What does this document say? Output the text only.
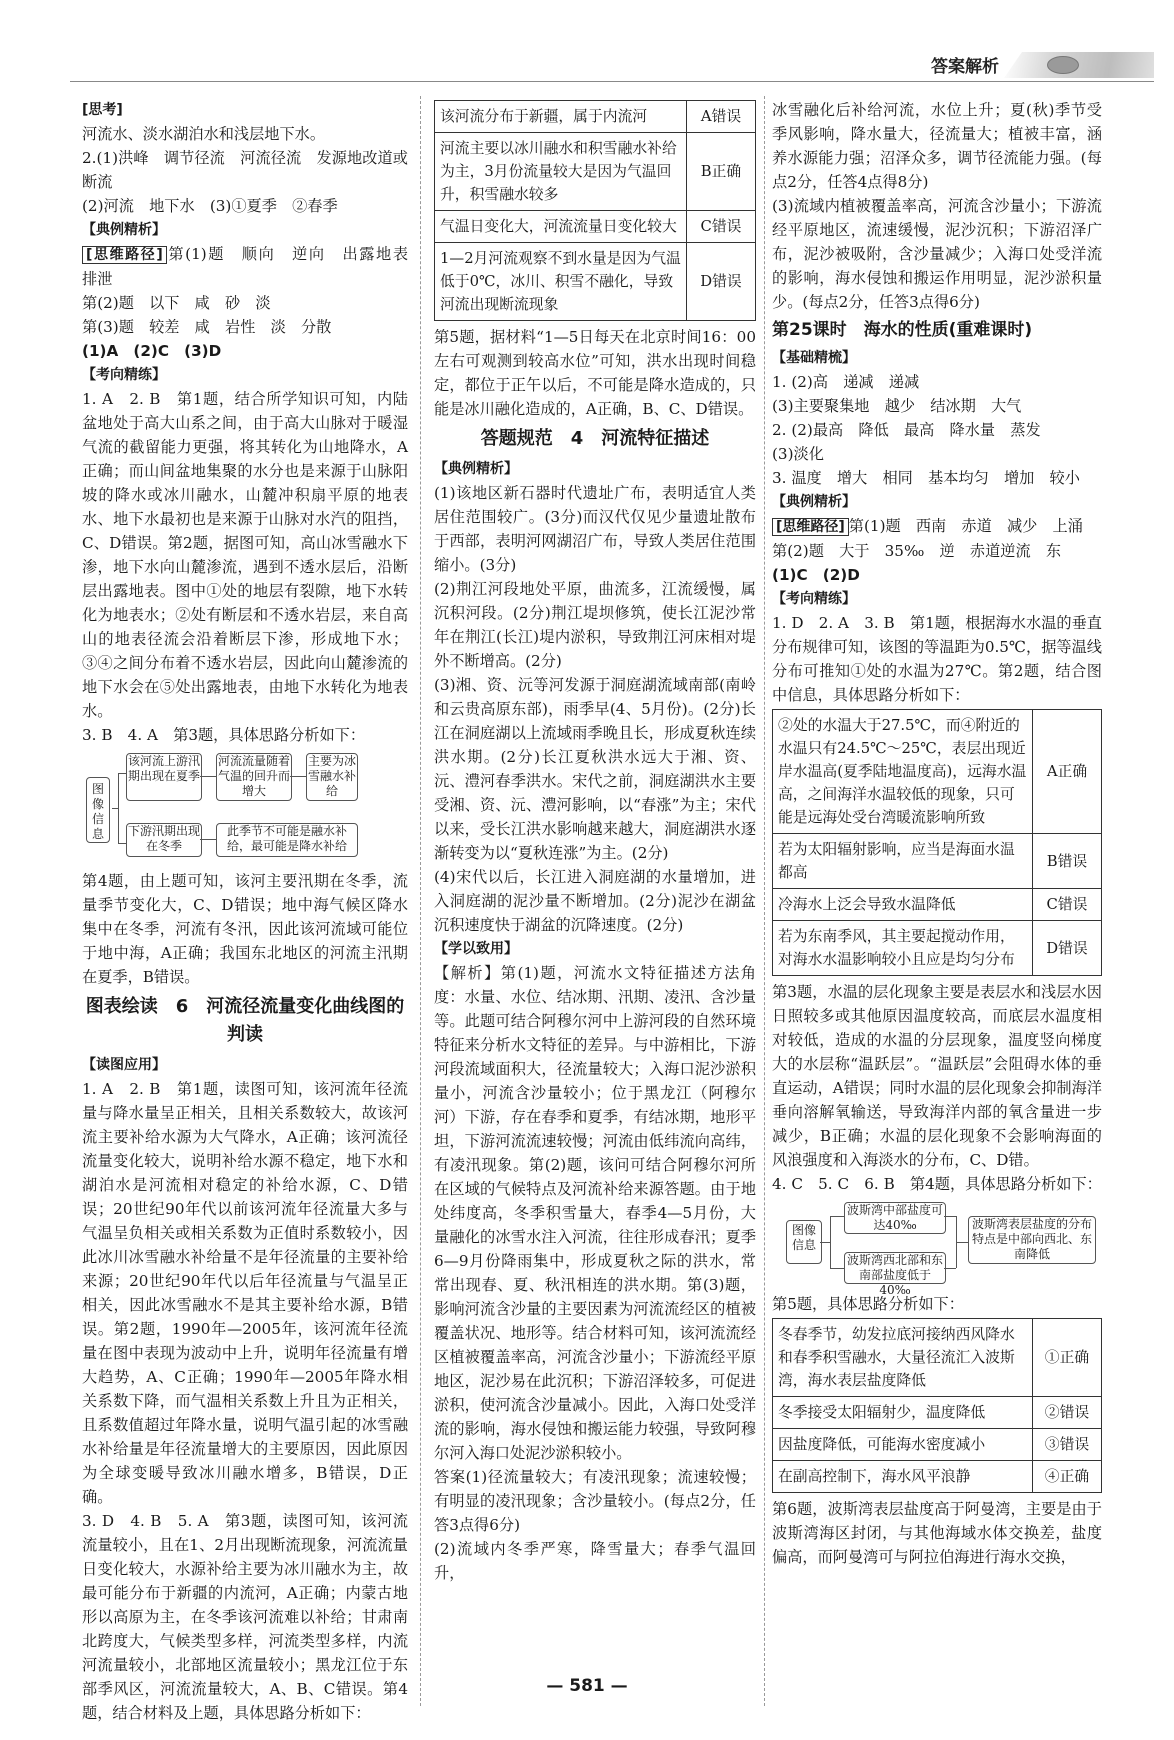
答案解析

[思考]

河流水、淡水湖泊水和浅层地下水。

2.(1)洪峰　调节径流　河流径流　发源地改道或断流

(2)河流　地下水　(3)①夏季　②春季

【典例精析】

[思维路径] 第(1)题　顺向　逆向　出露地表　排泄

第(2)题　以下　咸　砂　淡

第(3)题　较差　咸　岩性　淡　分散

(1)A　(2)C　(3)D

【考向精练】

1. A　2. B　第1题，结合所学知识可知，内陆盆地处于高大山系之间，由于高大山脉对于暖湿气流的截留能力更强，将其转化为山地降水，A正确；而山间盆地集聚的水分也是来源于山脉阳坡的降水或冰川融水，山麓冲积扇平原的地表水、地下水最初也是来源于山脉对水汽的阻挡，C、D错误。第2题，据图可知，高山冰雪融水下渗，地下水向山麓渗流，遇到不透水层后，沿断层出露地表。图中①处的地层有裂隙，地下水转化为地表水；②处有断层和不透水岩层，来自高山的地表径流会沿着断层下渗，形成地下水；③④之间分布着不透水岩层，因此向山麓渗流的地下水会在⑤处出露地表，由地下水转化为地表水。

3. B　4. A　第3题，具体思路分析如下：

图像信息
该河流上游汛期出现在夏季
河流流量随着气温的回升而增大
主要为冰雪融水补给
下游汛期出现在冬季
此季节不可能是融水补给，最可能是降水补给

第4题，由上题可知，该河主要汛期在冬季，流量季节变化大，C、D错误；地中海气候区降水集中在冬季，河流有冬汛，因此该河流域可能位于地中海，A正确；我国东北地区的河流主汛期在夏季，B错误。

图表绘读　6　河流径流量变化曲线图的判读

【读图应用】

1. A　2. B　第1题，读图可知，该河流年径流量与降水量呈正相关，且相关系数较大，故该河流主要补给水源为大气降水，A正确；该河流径流量变化较大，说明补给水源不稳定，地下水和湖泊水是河流相对稳定的补给水源，C、D错误；20世纪90年代以前该河流年径流量大多与气温呈负相关或相关系数为正值时系数较小，因此冰川冰雪融水补给量不是年径流量的主要补给来源；20世纪90年代以后年径流量与气温呈正相关，因此冰雪融水不是其主要补给水源，B错误。第2题，1990年—2005年，该河流年径流量在图中表现为波动中上升，说明年径流量有增大趋势，A、C正确；1990年—2005年降水相关系数下降，而气温相关系数上升且为正相关，且系数值超过年降水量，说明气温引起的冰雪融水补给量是年径流量增大的主要原因，因此原因为全球变暖导致冰川融水增多，B错误，D正确。

3. D　4. B　5. A　第3题，读图可知，该河流流量较小，且在1、2月出现断流现象，河流流量日变化较大，水源补给主要为冰川融水为主，故最可能分布于新疆的内流河，A正确；内蒙古地形以高原为主，在冬季该河流难以补给；甘肃南北跨度大，气候类型多样，河流类型多样，内流河流量较小，北部地区流量较小；黑龙江位于东部季风区，河流流量较大，A、B、C错误。第4题，结合材料及上题，具体思路分析如下：

该河流分布于新疆，属于内流河	A错误
河流主要以冰川融水和积雪融水补给为主，3月份流量较大是因为气温回升，积雪融水较多	B正确
气温日变化大，河流流量日变化较大	C错误
1—2月河流观察不到水量是因为气温低于0℃，冰川、积雪不融化，导致河流出现断流现象	D错误

第5题，据材料“1—5日每天在北京时间16：00左右可观测到较高水位”可知，洪水出现时间稳定，都位于正午以后，不可能是降水造成的，只能是冰川融化造成的，A正确，B、C、D错误。

答题规范　4　河流特征描述

【典例精析】

(1)该地区新石器时代遗址广布，表明适宜人类居住范围较广。(3分)而汉代仅见少量遗址散布于西部，表明河网湖沼广布，导致人类居住范围缩小。(3分)

(2)荆江河段地处平原，曲流多，江流缓慢，属沉积河段。(2分)荆江堤坝修筑，使长江泥沙常年在荆江(长江)堤内淤积，导致荆江河床相对堤外不断增高。(2分)

(3)湘、资、沅等河发源于洞庭湖流域南部(南岭和云贵高原东部)，雨季早(4、5月份)。(2分)长江在洞庭湖以上流域雨季晚且长，形成夏秋连续洪水期。(2分)长江夏秋洪水远大于湘、资、沅、澧河春季洪水。宋代之前，洞庭湖洪水主要受湘、资、沅、澧河影响，以“春涨”为主；宋代以来，受长江洪水影响越来越大，洞庭湖洪水逐渐转变为以“夏秋连涨”为主。(2分)

(4)宋代以后，长江进入洞庭湖的水量增加，进入洞庭湖的泥沙量不断增加。(2分)泥沙在湖盆沉积速度快于湖盆的沉降速度。(2分)

【学以致用】

【解析】第(1)题，河流水文特征描述方法角度：水量、水位、结冰期、汛期、凌汛、含沙量等。此题可结合阿穆尔河中上游河段的自然环境特征来分析水文特征的差异。与中游相比，下游河段流域面积大，径流量较大；入海口泥沙淤积量小，河流含沙量较小；位于黑龙江（阿穆尔河）下游，存在春季和夏季，有结冰期，地形平坦，下游河流流速较慢；河流由低纬流向高纬，有凌汛现象。第(2)题，该问可结合阿穆尔河所在区域的气候特点及河流补给来源答题。由于地处纬度高，冬季积雪量大，春季4—5月份，大量融化的冰雪水注入河流，往往形成春汛；夏季6—9月份降雨集中，形成夏秋之际的洪水，常常出现春、夏、秋汛相连的洪水期。第(3)题，影响河流含沙量的主要因素为河流流经区的植被覆盖状况、地形等。结合材料可知，该河流流经区植被覆盖率高，河流含沙量小；下游流经平原地区，泥沙易在此沉积；下游沼泽较多，可促进淤积，使河流含沙量减小。因此，入海口处受洋流的影响，海水侵蚀和搬运能力较强，导致阿穆尔河入海口处泥沙淤积较小。

答案(1)径流量较大；有凌汛现象；流速较慢；有明显的凌汛现象；含沙量较小。(每点2分，任答3点得6分)

(2)流域内冬季严寒，降雪量大；春季气温回升，

冰雪融化后补给河流，水位上升；夏(秋)季节受季风影响，降水量大，径流量大；植被丰富，涵养水源能力强；沼泽众多，调节径流能力强。(每点2分，任答4点得8分)

(3)流域内植被覆盖率高，河流含沙量小；下游流经平原地区，流速缓慢，泥沙沉积；下游沼泽广布，泥沙被吸附，含沙量减少；入海口处受洋流的影响，海水侵蚀和搬运作用明显，泥沙淤积量少。(每点2分，任答3点得6分)

第25课时　海水的性质(重难课时)

【基础精梳】

1. (2)高　递减　递减

(3)主要聚集地　越少　结冰期　大气

2. (2)最高　降低　最高　降水量　蒸发

(3)淡化

3. 温度　增大　相同　基本均匀　增加　较小

【典例精析】

[思维路径] 第(1)题　西南　赤道　减少　上涌

第(2)题　大于　35‰　逆　赤道逆流　东

(1)C　(2)D

【考向精练】

1. D　2. A　3. B　第1题，根据海水水温的垂直分布规律可知，该图的等温距为0.5℃，据等温线分布可推知①处的水温为27℃。第2题，结合图中信息，具体思路分析如下：

②处的水温大于27.5℃，而④附近的水温只有24.5℃～25℃，表层出现近岸水温高(夏季陆地温度高)，远海水温高，之间海洋水温较低的现象，只可能是远海处受台湾暖流影响所致	A正确
若为太阳辐射影响，应当是海面水温都高	B错误
冷海水上泛会导致水温降低	C错误
若为东南季风，其主要起搅动作用，对海水水温影响较小且应是均匀分布	D错误

第3题，水温的层化现象主要是表层水和浅层水因日照较多或其他原因温度较高，而底层水温度相对较低，造成的水温的分层现象，温度竖向梯度大的水层称“温跃层”。“温跃层”会阻碍水体的垂直运动，A错误；同时水温的层化现象会抑制海洋垂向溶解氧输送，导致海洋内部的氧含量进一步减少，B正确；水温的层化现象不会影响海面的风浪强度和入海淡水的分布，C、D错。

4. C　5. C　6. B　第4题，具体思路分析如下：

图像信息
波斯湾中部盐度可达40‰
波斯湾西北部和东南部盐度低于40‰
波斯湾表层盐度的分布特点是中部向西北、东南降低

第5题，具体思路分析如下：

冬春季节，幼发拉底河接纳西风降水和春季积雪融水，大量径流汇入波斯湾，海水表层盐度降低	①正确
冬季接受太阳辐射少，温度降低	②错误
因盐度降低，可能海水密度减小	③错误
在副高控制下，海水风平浪静	④正确

第6题，波斯湾表层盐度高于阿曼湾，主要是由于波斯湾海区封闭，与其他海域水体交换差，盐度偏高，而阿曼湾可与阿拉伯海进行海水交换，

— 581 —
